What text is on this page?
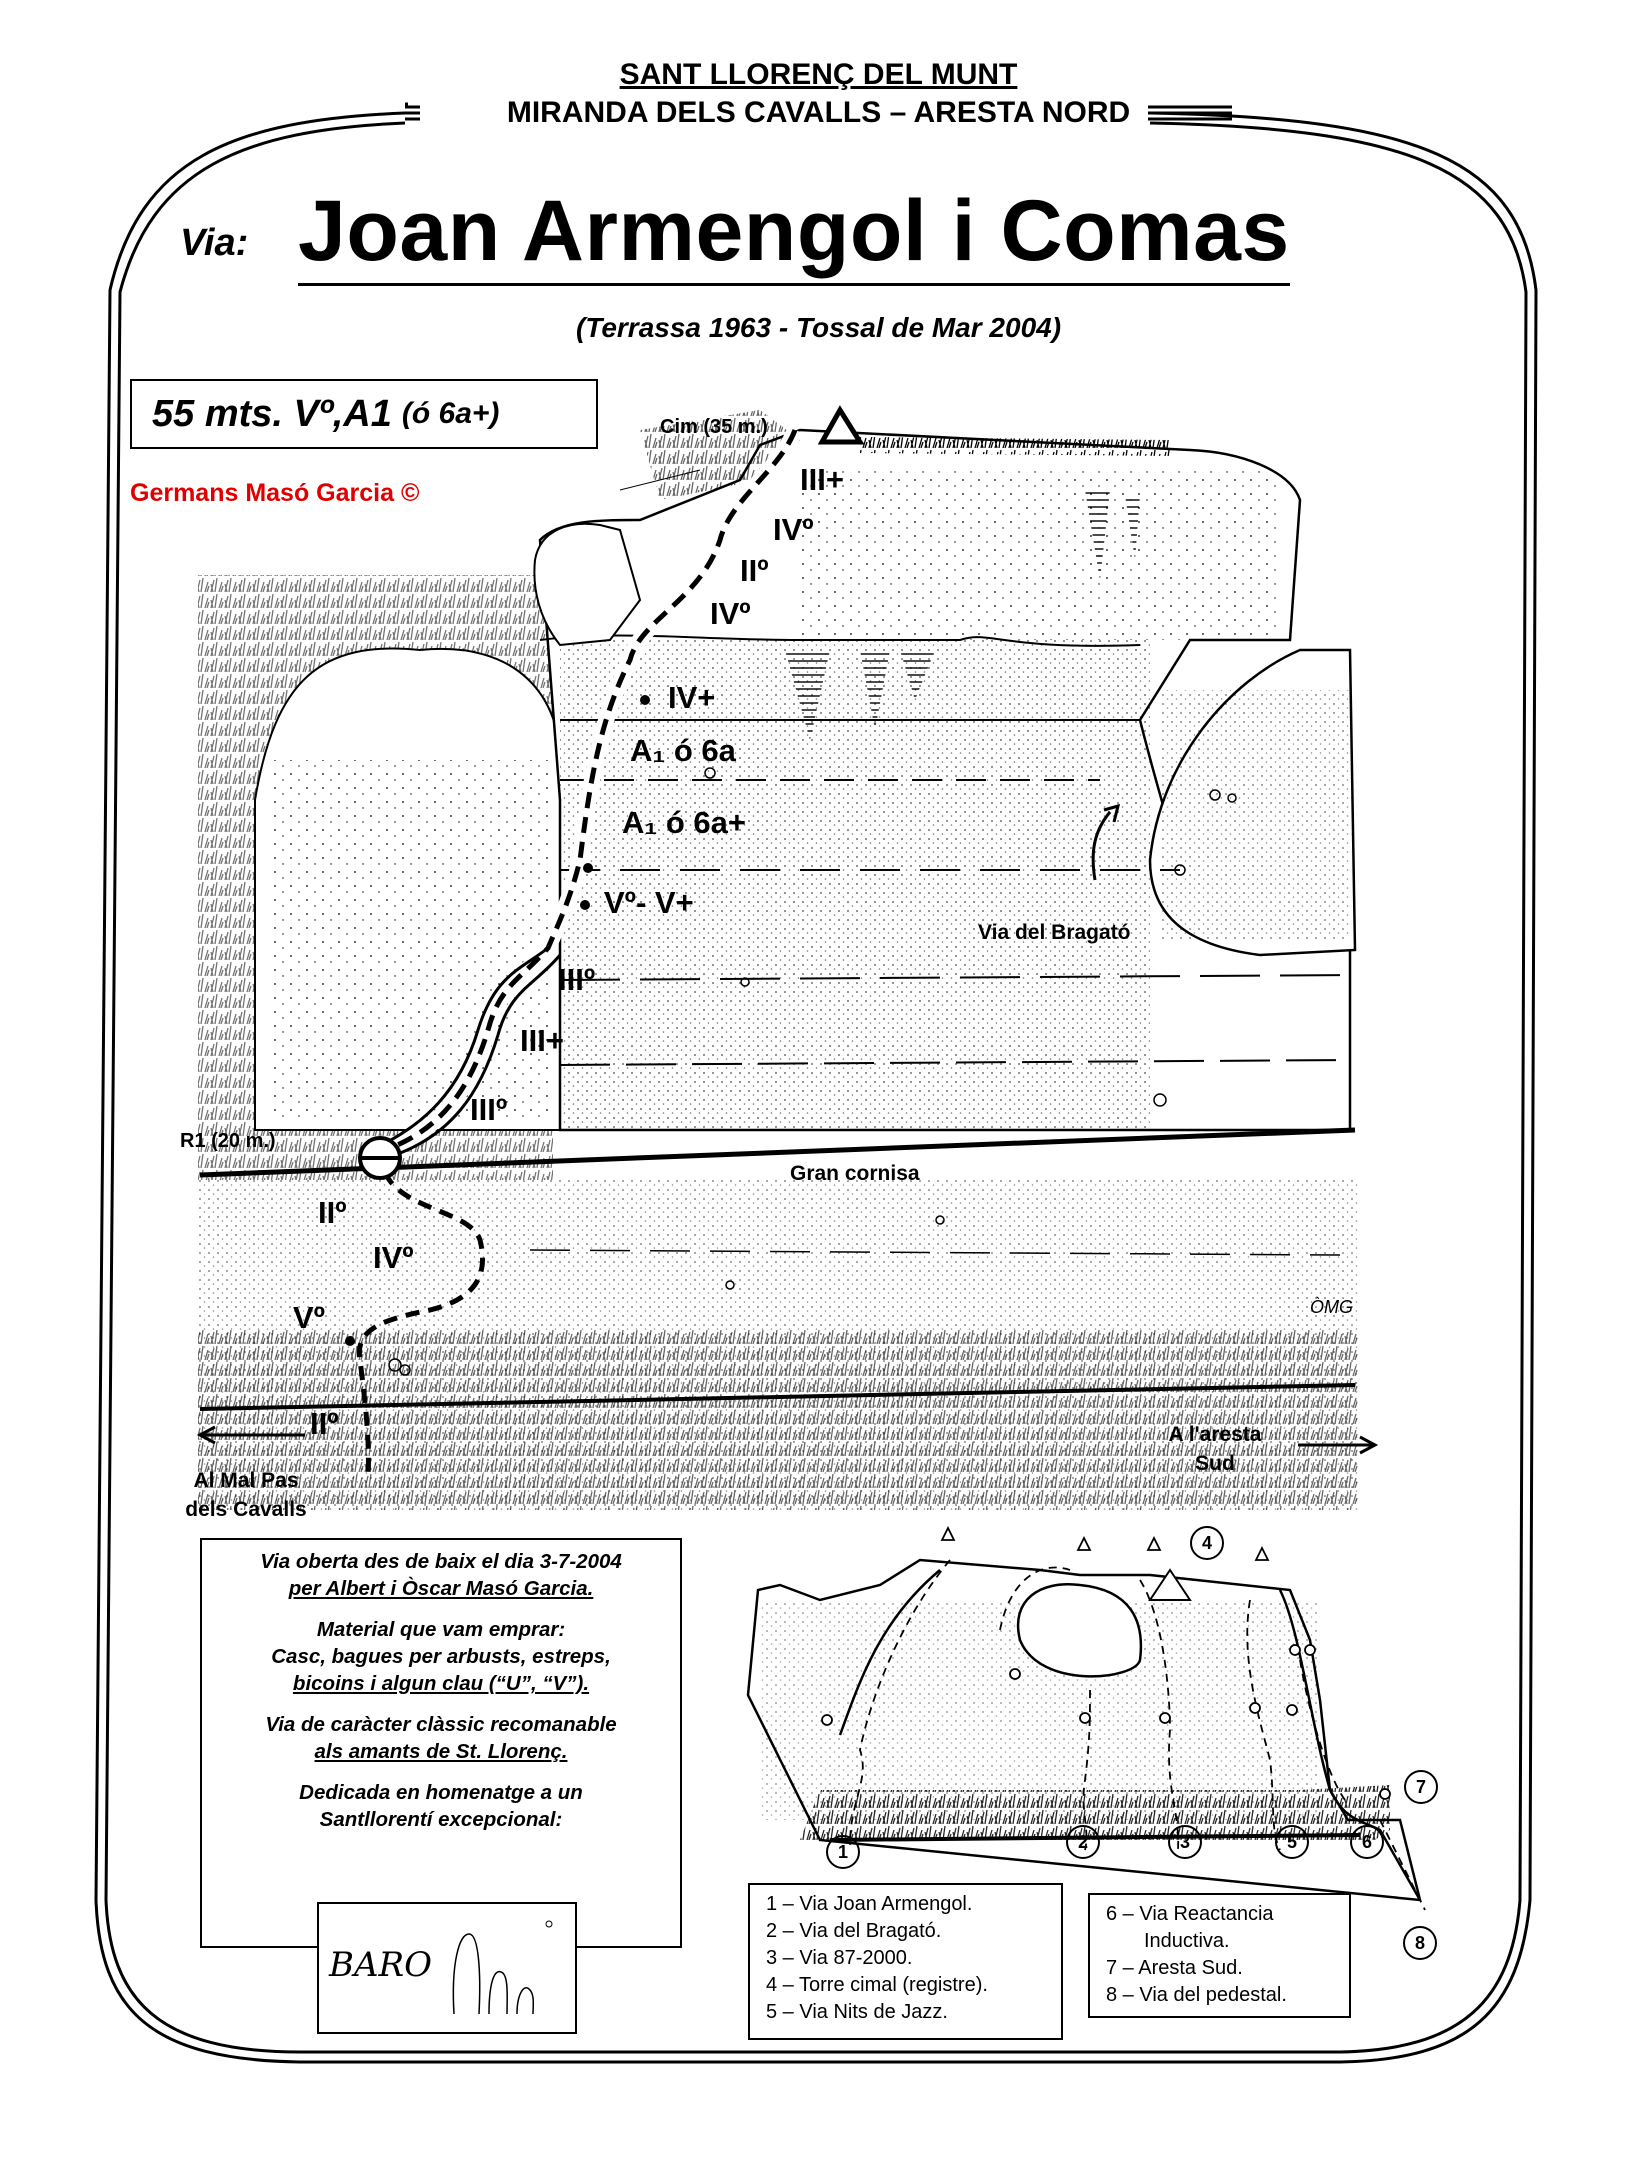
SANT LLORENÇ DEL MUNT
MIRANDA DELS CAVALLS – ARESTA NORD
Via: Joan Armengol i Comas
(Terrassa 1963 - Tossal de Mar 2004)
55 mts. Vº,A1 (ó 6a+)
Germans Masó Garcia ©
Cim (35 m.)
R1 (20 m.)
Gran cornisa
Via del Bragató
Al Mal Pas
dels Cavalls
A l'aresta
Sud
ÒMG
III+
IVº
IIº
IVº
IV+
A₁ ó 6a
A₁ ó 6a+
Vº- V+
IIIº
III+
IIIº
IIº
IVº
Vº
IIº

Via oberta des de baix el dia 3-7-2004
per Albert i Òscar Masó Garcia.

Material que vam emprar:
Casc, bagues per arbusts, estreps,
bicoins i algun clau (“U”, “V”).

Via de caràcter clàssic recomanable
als amants de St. Llorenç.

Dedicada en homenatge a un
Santllorentí excepcional:

BARO
1	2	3
4
5	6
7
8
1 – Via Joan Armengol.
2 – Via del Bragató.
3 – Via 87-2000.
4 – Torre cimal (registre).
5 – Via Nits de Jazz.
6 – Via Reactancia
Inductiva.
7 – Aresta Sud.
8 – Via del pedestal.
